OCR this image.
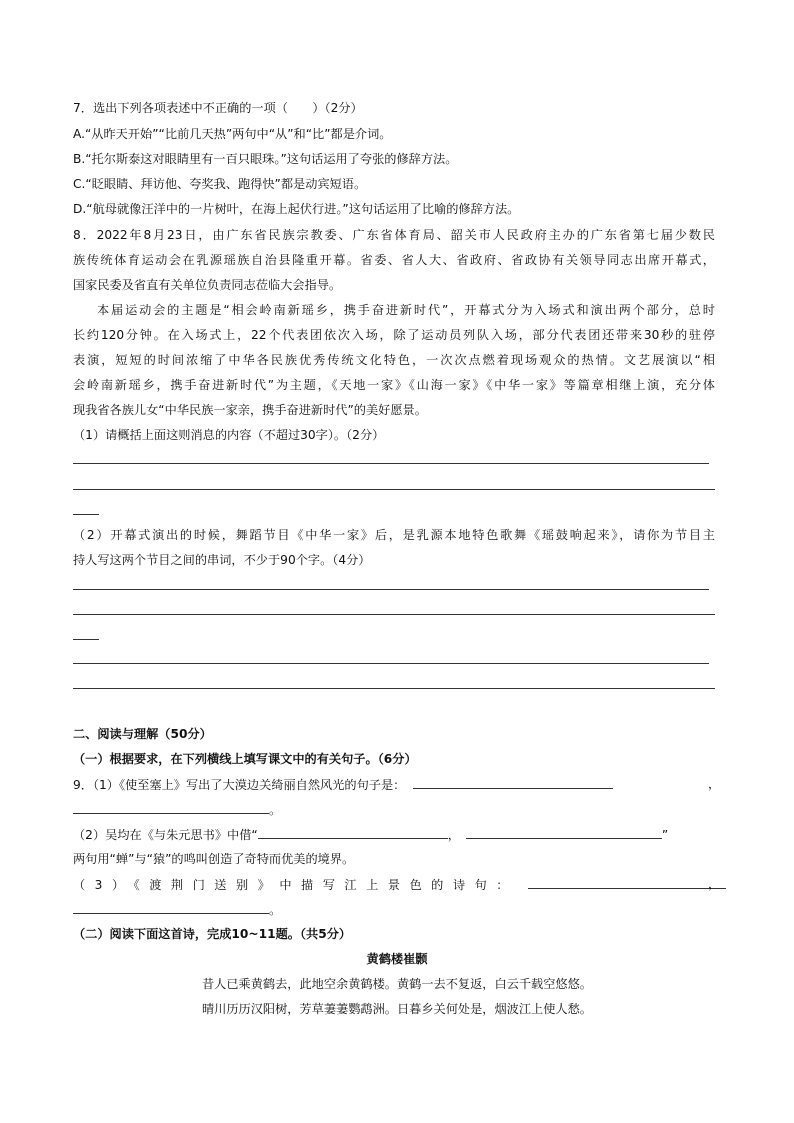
7．选出下列各项表述中不正确的一项（　　）（2分）
A.“从昨天开始”“比前几天热”两句中“从”和“比”都是介词。
B.“托尔斯泰这对眼睛里有一百只眼珠。”这句话运用了夸张的修辞方法。
C.“眨眼睛、拜访他、夸奖我、跑得快”都是动宾短语。
D.“航母就像汪洋中的一片树叶，在海上起伏行进。”这句话运用了比喻的修辞方法。
8．2022年8月23日，由广东省民族宗教委、广东省体育局、韶关市人民政府主办的广东省第七届少数民
族传统体育运动会在乳源瑶族自治县隆重开幕。省委、省人大、省政府、省政协有关领导同志出席开幕式，
国家民委及省直有关单位负责同志莅临大会指导。
本届运动会的主题是“相会岭南新瑶乡，携手奋进新时代”，开幕式分为入场式和演出两个部分，总时
长约120分钟。在入场式上，22个代表团依次入场，除了运动员列队入场，部分代表团还带来30秒的驻停
表演，短短的时间浓缩了中华各民族优秀传统文化特色，一次次点燃着现场观众的热情。文艺展演以“相
会岭南新瑶乡，携手奋进新时代”为主题，《天地一家》《山海一家》《中华一家》等篇章相继上演，充分体
现我省各族儿女“中华民族一家亲，携手奋进新时代”的美好愿景。
（1）请概括上面这则消息的内容（不超过30字）。（2分）
（2）开幕式演出的时候，舞蹈节目《中华一家》后，是乳源本地特色歌舞《瑶鼓响起来》，请你为节目主
持人写这两个节目之间的串词，不少于90个字。（4分）
二、阅读与理解（50分）
（一）根据要求，在下列横线上填写课文中的有关句子。（6分）
9．（1）《使至塞上》写出了大漠边关绮丽自然风光的句子是：	，
。
（2）吴均在《与朱元思书》中借“	，	”
两句用“蝉”与“猿”的鸣叫创造了奇特而优美的境界。
（3）《渡荆门送别》中描写江上景色的诗句：	，
。
（二）阅读下面这首诗，完成10~11题。（共5分）
黄鹤楼崔颢
昔人已乘黄鹤去，此地空余黄鹤楼。黄鹤一去不复返，白云千载空悠悠。
晴川历历汉阳树，芳草萋萋鹦鹉洲。日暮乡关何处是，烟波江上使人愁。
